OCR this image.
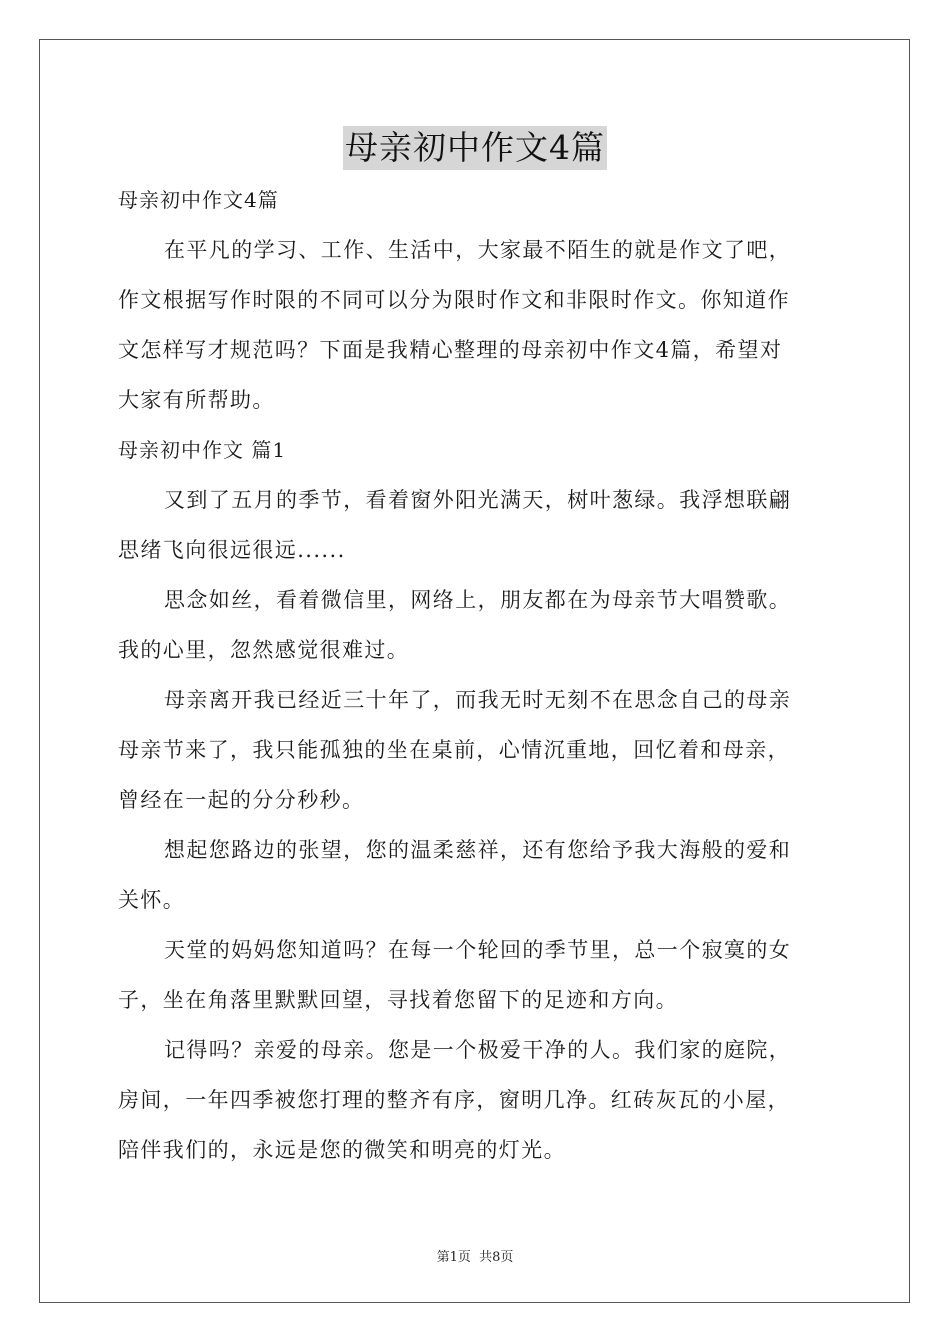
母亲初中作文4篇
母亲初中作文4篇
在平凡的学习、工作、生活中，大家最不陌生的就是作文了吧，
作文根据写作时限的不同可以分为限时作文和非限时作文。你知道作
文怎样写才规范吗？下面是我精心整理的母亲初中作文4篇，希望对
大家有所帮助。
母亲初中作文 篇1
又到了五月的季节，看着窗外阳光满天，树叶葱绿。我浮想联翩
思绪飞向很远很远......
思念如丝，看着微信里，网络上，朋友都在为母亲节大唱赞歌。
我的心里，忽然感觉很难过。
母亲离开我已经近三十年了，而我无时无刻不在思念自己的母亲
母亲节来了，我只能孤独的坐在桌前，心情沉重地，回忆着和母亲，
曾经在一起的分分秒秒。
想起您路边的张望，您的温柔慈祥，还有您给予我大海般的爱和
关怀。
天堂的妈妈您知道吗？在每一个轮回的季节里，总一个寂寞的女
子，坐在角落里默默回望，寻找着您留下的足迹和方向。
记得吗？亲爱的母亲。您是一个极爱干净的人。我们家的庭院，
房间，一年四季被您打理的整齐有序，窗明几净。红砖灰瓦的小屋，
陪伴我们的，永远是您的微笑和明亮的灯光。
第1页 共8页
